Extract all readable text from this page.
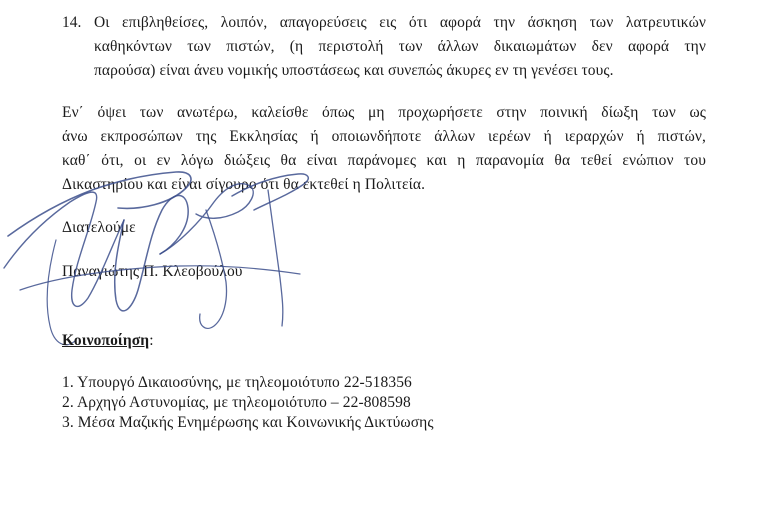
14. Οι επιβληθείσες, λοιπόν, απαγορεύσεις εις ότι αφορά την άσκηση των λατρευτικών
καθηκόντων των πιστών, (η περιστολή των άλλων δικαιωμάτων δεν αφορά την
παρούσα) είναι άνευ νομικής υποστάσεως και συνεπώς άκυρες εν τη γενέσει τους.
Εν΄ όψει των ανωτέρω, καλείσθε όπως μη προχωρήσετε στην ποινική δίωξη των ως
άνω εκπροσώπων της Εκκλησίας ή οποιωνδήποτε άλλων ιερέων ή ιεραρχών ή πιστών,
καθ΄ ότι, οι εν λόγω διώξεις θα είναι παράνομες και η παρανομία θα τεθεί ενώπιον του
Δικαστηρίου και είναι σίγουρο ότι θα εκτεθεί η Πολιτεία.
Διατελούμε
Παναγιώτης Π. Κλεοβούλου
Κοινοποίηση:
1. Υπουργό Δικαιοσύνης, με τηλεομοιότυπο 22-518356
2. Αρχηγό Αστυνομίας, με τηλεομοιότυπο – 22-808598
3. Μέσα Μαζικής Ενημέρωσης και Κοινωνικής Δικτύωσης
